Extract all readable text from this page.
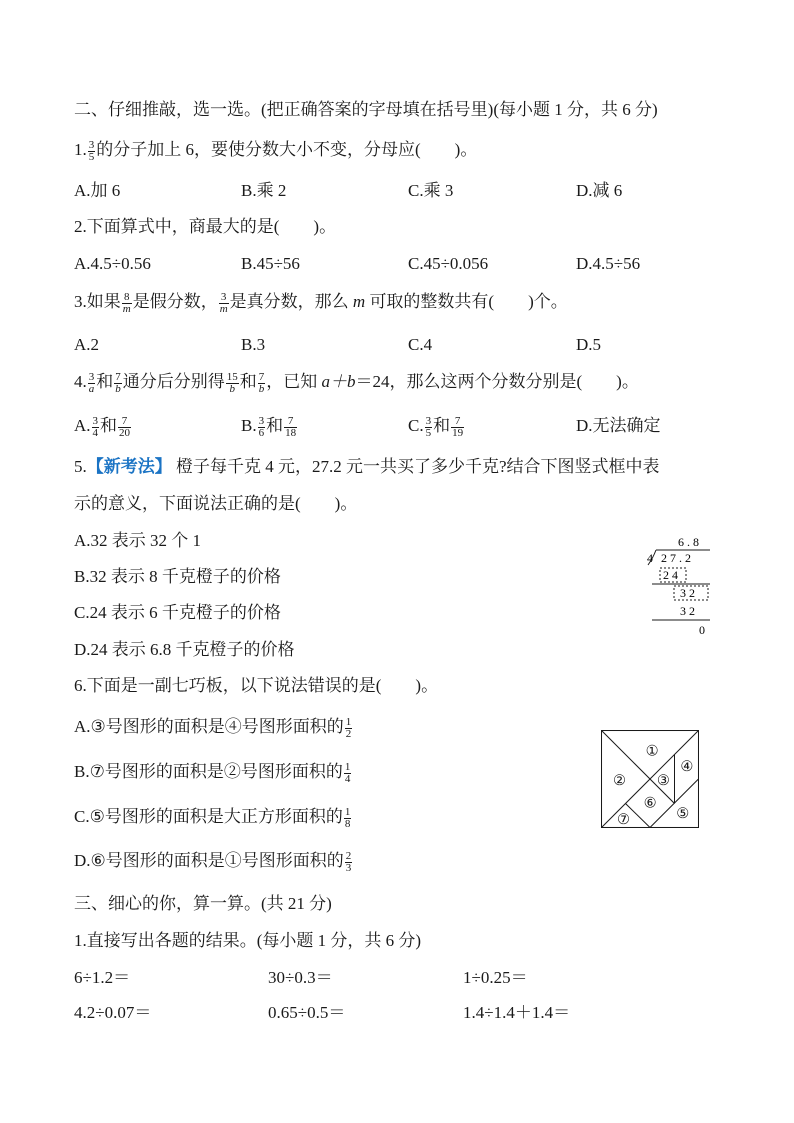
二、仔细推敲，选一选。(把正确答案的字母填在括号里)(每小题 1 分，共 6 分)
1. $\frac{3}{5}$ 的分子加上 6，要使分数大小不变，分母应(　　)。
A.加 6	B.乘 2	C.乘 3	D.减 6
2.下面算式中，商最大的是(　　)。
A.4.5÷0.56	B.45÷56	C.45÷0.056	D.4.5÷56
3.如果 $\frac{8}{m}$ 是假分数， $\frac{3}{m}$ 是真分数，那么 m 可取的整数共有(　　)个。
A.2	B.3	C.4	D.5
4. $\frac{3}{a}$ 和 $\frac{7}{b}$ 通分后分别得 $\frac{15}{b}$ 和 $\frac{7}{b}$ ，已知 a＋b＝24，那么这两个分数分别是(　　)。
A. $\frac{3}{4}$ 和 $\frac{7}{20}$	B. $\frac{3}{6}$ 和 $\frac{7}{18}$	C. $\frac{3}{5}$ 和 $\frac{7}{19}$	D.无法确定
5.【新考法】 橙子每千克 4 元，27.2 元一共买了多少千克?结合下图竖式框中表
示的意义，下面说法正确的是(　　)。
A.32 表示 32 个 1
B.32 表示 8 千克橙子的价格
C.24 表示 6 千克橙子的价格
D.24 表示 6.8 千克橙子的价格
6 . 8
4 2 7 . 2
2 4
3 2
3 2
0
6.下面是一副七巧板，以下说法错误的是(　　)。
A.③号图形的面积是④号图形面积的 $\frac{1}{2}$
B.⑦号图形的面积是②号图形面积的 $\frac{1}{4}$
C.⑤号图形的面积是大正方形面积的 $\frac{1}{8}$
D.⑥号图形的面积是①号图形面积的 $\frac{2}{3}$
①
② ③
④
⑤
⑥
⑦
三、细心的你，算一算。(共 21 分)
1.直接写出各题的结果。(每小题 1 分，共 6 分)
6÷1.2＝	30÷0.3＝	1÷0.25＝
4.2÷0.07＝	0.65÷0.5＝	1.4÷1.4＋1.4＝
